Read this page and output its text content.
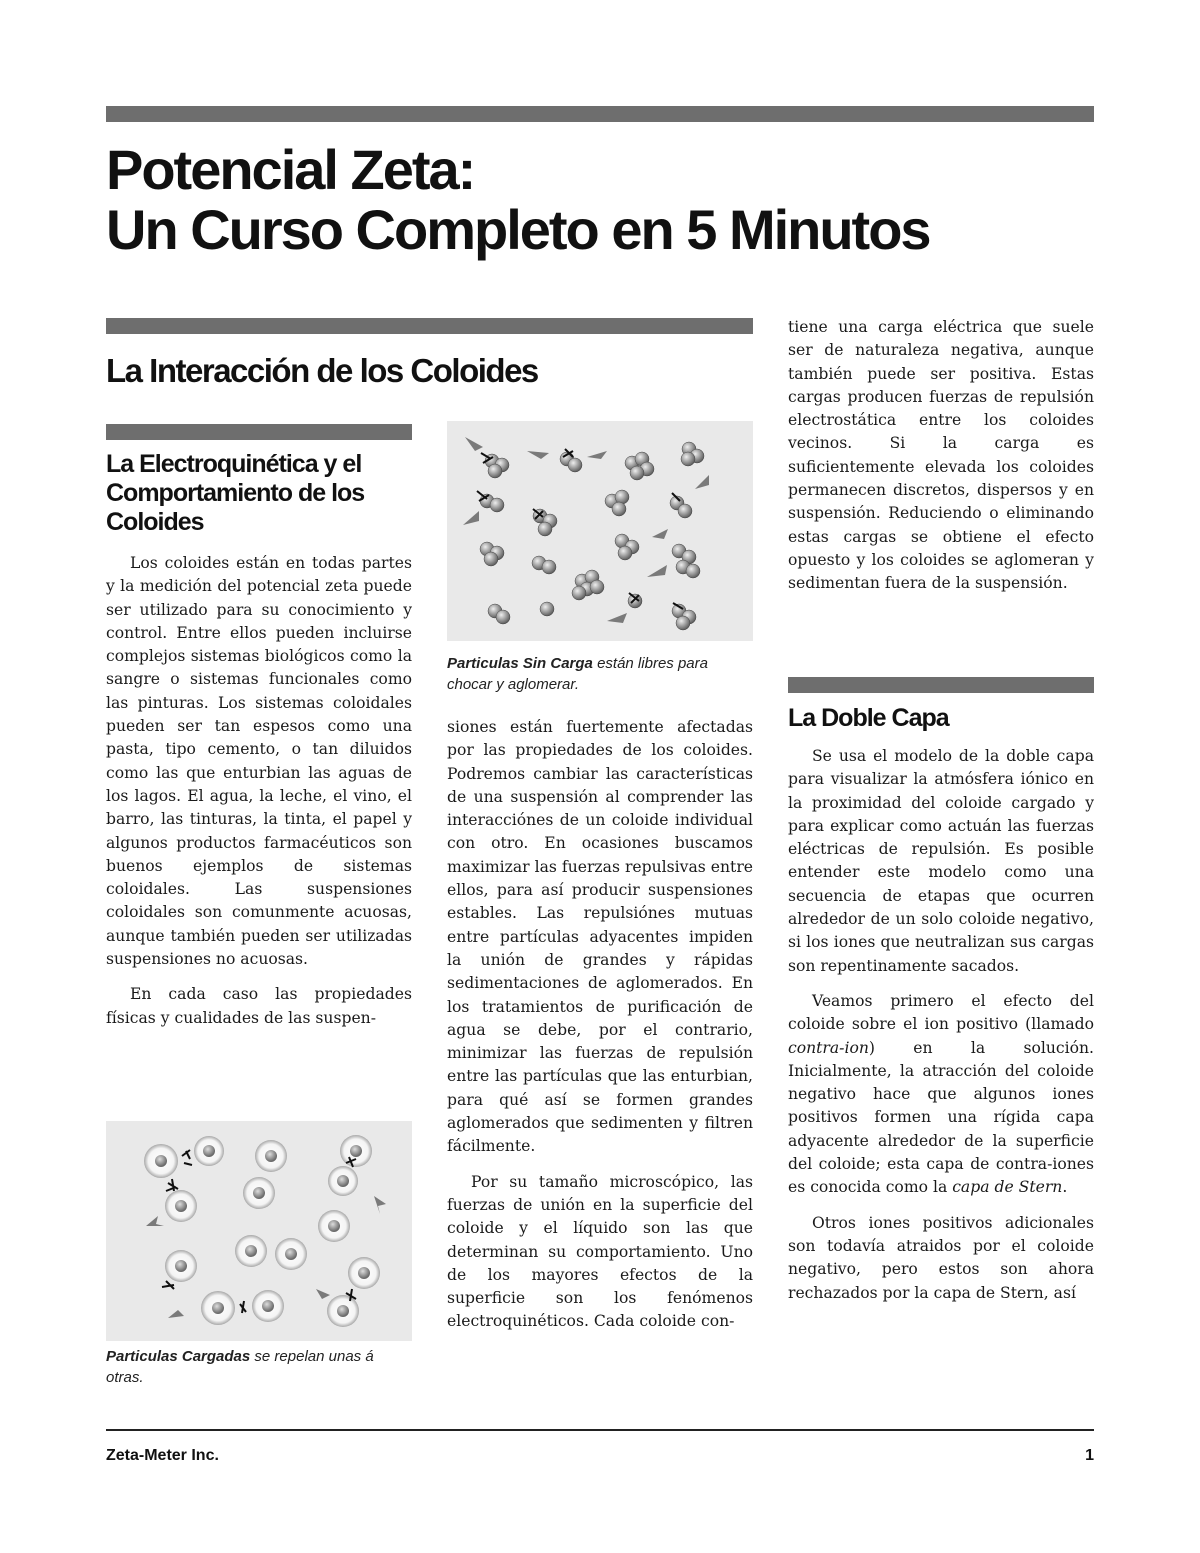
Potencial Zeta:
Un Curso Completo en 5 Minutos
La Interacción de los Coloides
La Electroquinética y el Comportamiento de los Coloides

Los coloides están en todas partes y la medición del potencial zeta puede ser utilizado para su conocimiento y control. Entre ellos pueden incluirse complejos sistemas biológicos como la sangre o sistemas funcionales como las pinturas. Los sistemas coloidales pueden ser tan espesos como una pasta, tipo cemento, o tan diluidos como las que enturbian las aguas de los lagos. El agua, la leche, el vino, el barro, las tinturas, la tinta, el papel y algunos productos farmacéuticos son buenos ejemplos de sistemas coloidales. Las suspensiones coloidales son comunmente acuosas, aunque también pueden ser utilizadas suspensiones no acuosas.

En cada caso las propiedades físicas y cualidades de las suspen-

Particulas Cargadas se repelan unas á otras.
Particulas Sin Carga están libres para chocar y aglomerar.

siones están fuertemente afectadas por las propiedades de los coloides. Podremos cambiar las características de una suspensión al comprender las interacciónes de un coloide individual con otro. En ocasiones buscamos maximizar las fuerzas repulsivas entre ellos, para así producir suspensiones estables. Las repulsiónes mutuas entre partículas adyacentes impiden la unión de grandes y rápidas sedimentaciones de aglomerados. En los tratamientos de purificación de agua se debe, por el contrario, minimizar las fuerzas de repulsión entre las partículas que las enturbian, para qué así se formen grandes aglomerados que sedimenten y filtren fácilmente.

Por su tamaño microscópico, las fuerzas de unión en la superficie del coloide y el líquido son las que determinan su comportamiento. Uno de los mayores efectos de la superficie son los fenómenos electroquinéticos. Cada coloide con-

tiene una carga eléctrica que suele ser de naturaleza negativa, aunque también puede ser positiva. Estas cargas producen fuerzas de repulsión electrostática entre los coloides vecinos. Si la carga es suficientemente elevada los coloides permanecen discretos, dispersos y en suspensión. Reduciendo o eliminando estas cargas se obtiene el efecto opuesto y los coloides se aglomeran y sedimentan fuera de la suspensión.

La Doble Capa

Se usa el modelo de la doble capa para visualizar la atmósfera iónico en la proximidad del coloide cargado y para explicar como actuán las fuerzas eléctricas de repulsión. Es posible entender este modelo como una secuencia de etapas que ocurren alrededor de un solo coloide negativo, si los iones que neutralizan sus cargas son repentinamente sacados.

Veamos primero el efecto del coloide sobre el ion positivo (llamado contra-ion) en la solución. Inicialmente, la atracción del coloide negativo hace que algunos iones positivos formen una rígida capa adyacente alrededor de la superficie del coloide; esta capa de contra-iones es conocida como la capa de Stern.

Otros iones positivos adicionales son todavía atraidos por el coloide negativo, pero estos son ahora rechazados por la capa de Stern, así

Zeta-Meter Inc.	1
